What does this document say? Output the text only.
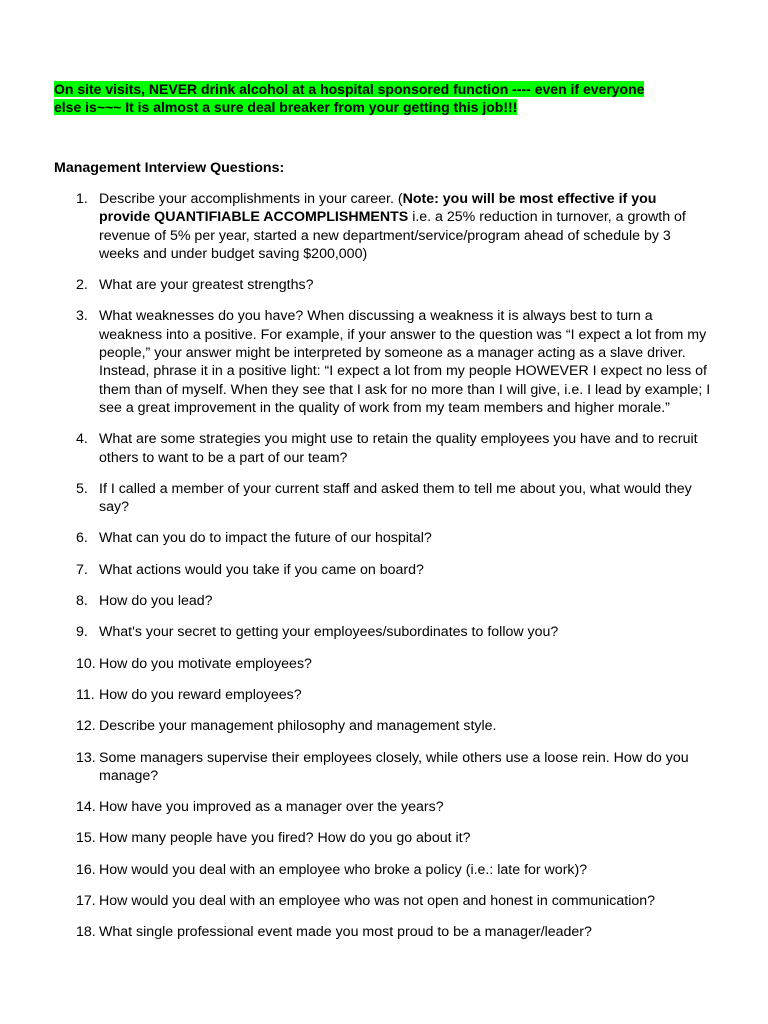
On site visits, NEVER drink alcohol at a hospital sponsored function ---- even if everyone
else is~~~ It is almost a sure deal breaker from your getting this job!!!
Management Interview Questions:
1. Describe your accomplishments in your career. (Note: you will be most effective if you provide QUANTIFIABLE ACCOMPLISHMENTS i.e. a 25% reduction in turnover, a growth of revenue of 5% per year, started a new department/service/program ahead of schedule by 3 weeks and under budget saving $200,000)
2. What are your greatest strengths?
3. What weaknesses do you have? When discussing a weakness it is always best to turn a weakness into a positive. For example, if your answer to the question was “I expect a lot from my people,” your answer might be interpreted by someone as a manager acting as a slave driver. Instead, phrase it in a positive light: “I expect a lot from my people HOWEVER I expect no less of them than of myself. When they see that I ask for no more than I will give, i.e. I lead by example; I see a great improvement in the quality of work from my team members and higher morale.”
4. What are some strategies you might use to retain the quality employees you have and to recruit others to want to be a part of our team?
5. If I called a member of your current staff and asked them to tell me about you, what would they say?
6. What can you do to impact the future of our hospital?
7. What actions would you take if you came on board?
8. How do you lead?
9. What's your secret to getting your employees/subordinates to follow you?
10. How do you motivate employees?
11. How do you reward employees?
12. Describe your management philosophy and management style.
13. Some managers supervise their employees closely, while others use a loose rein. How do you manage?
14. How have you improved as a manager over the years?
15. How many people have you fired? How do you go about it?
16. How would you deal with an employee who broke a policy (i.e.: late for work)?
17. How would you deal with an employee who was not open and honest in communication?
18. What single professional event made you most proud to be a manager/leader?
